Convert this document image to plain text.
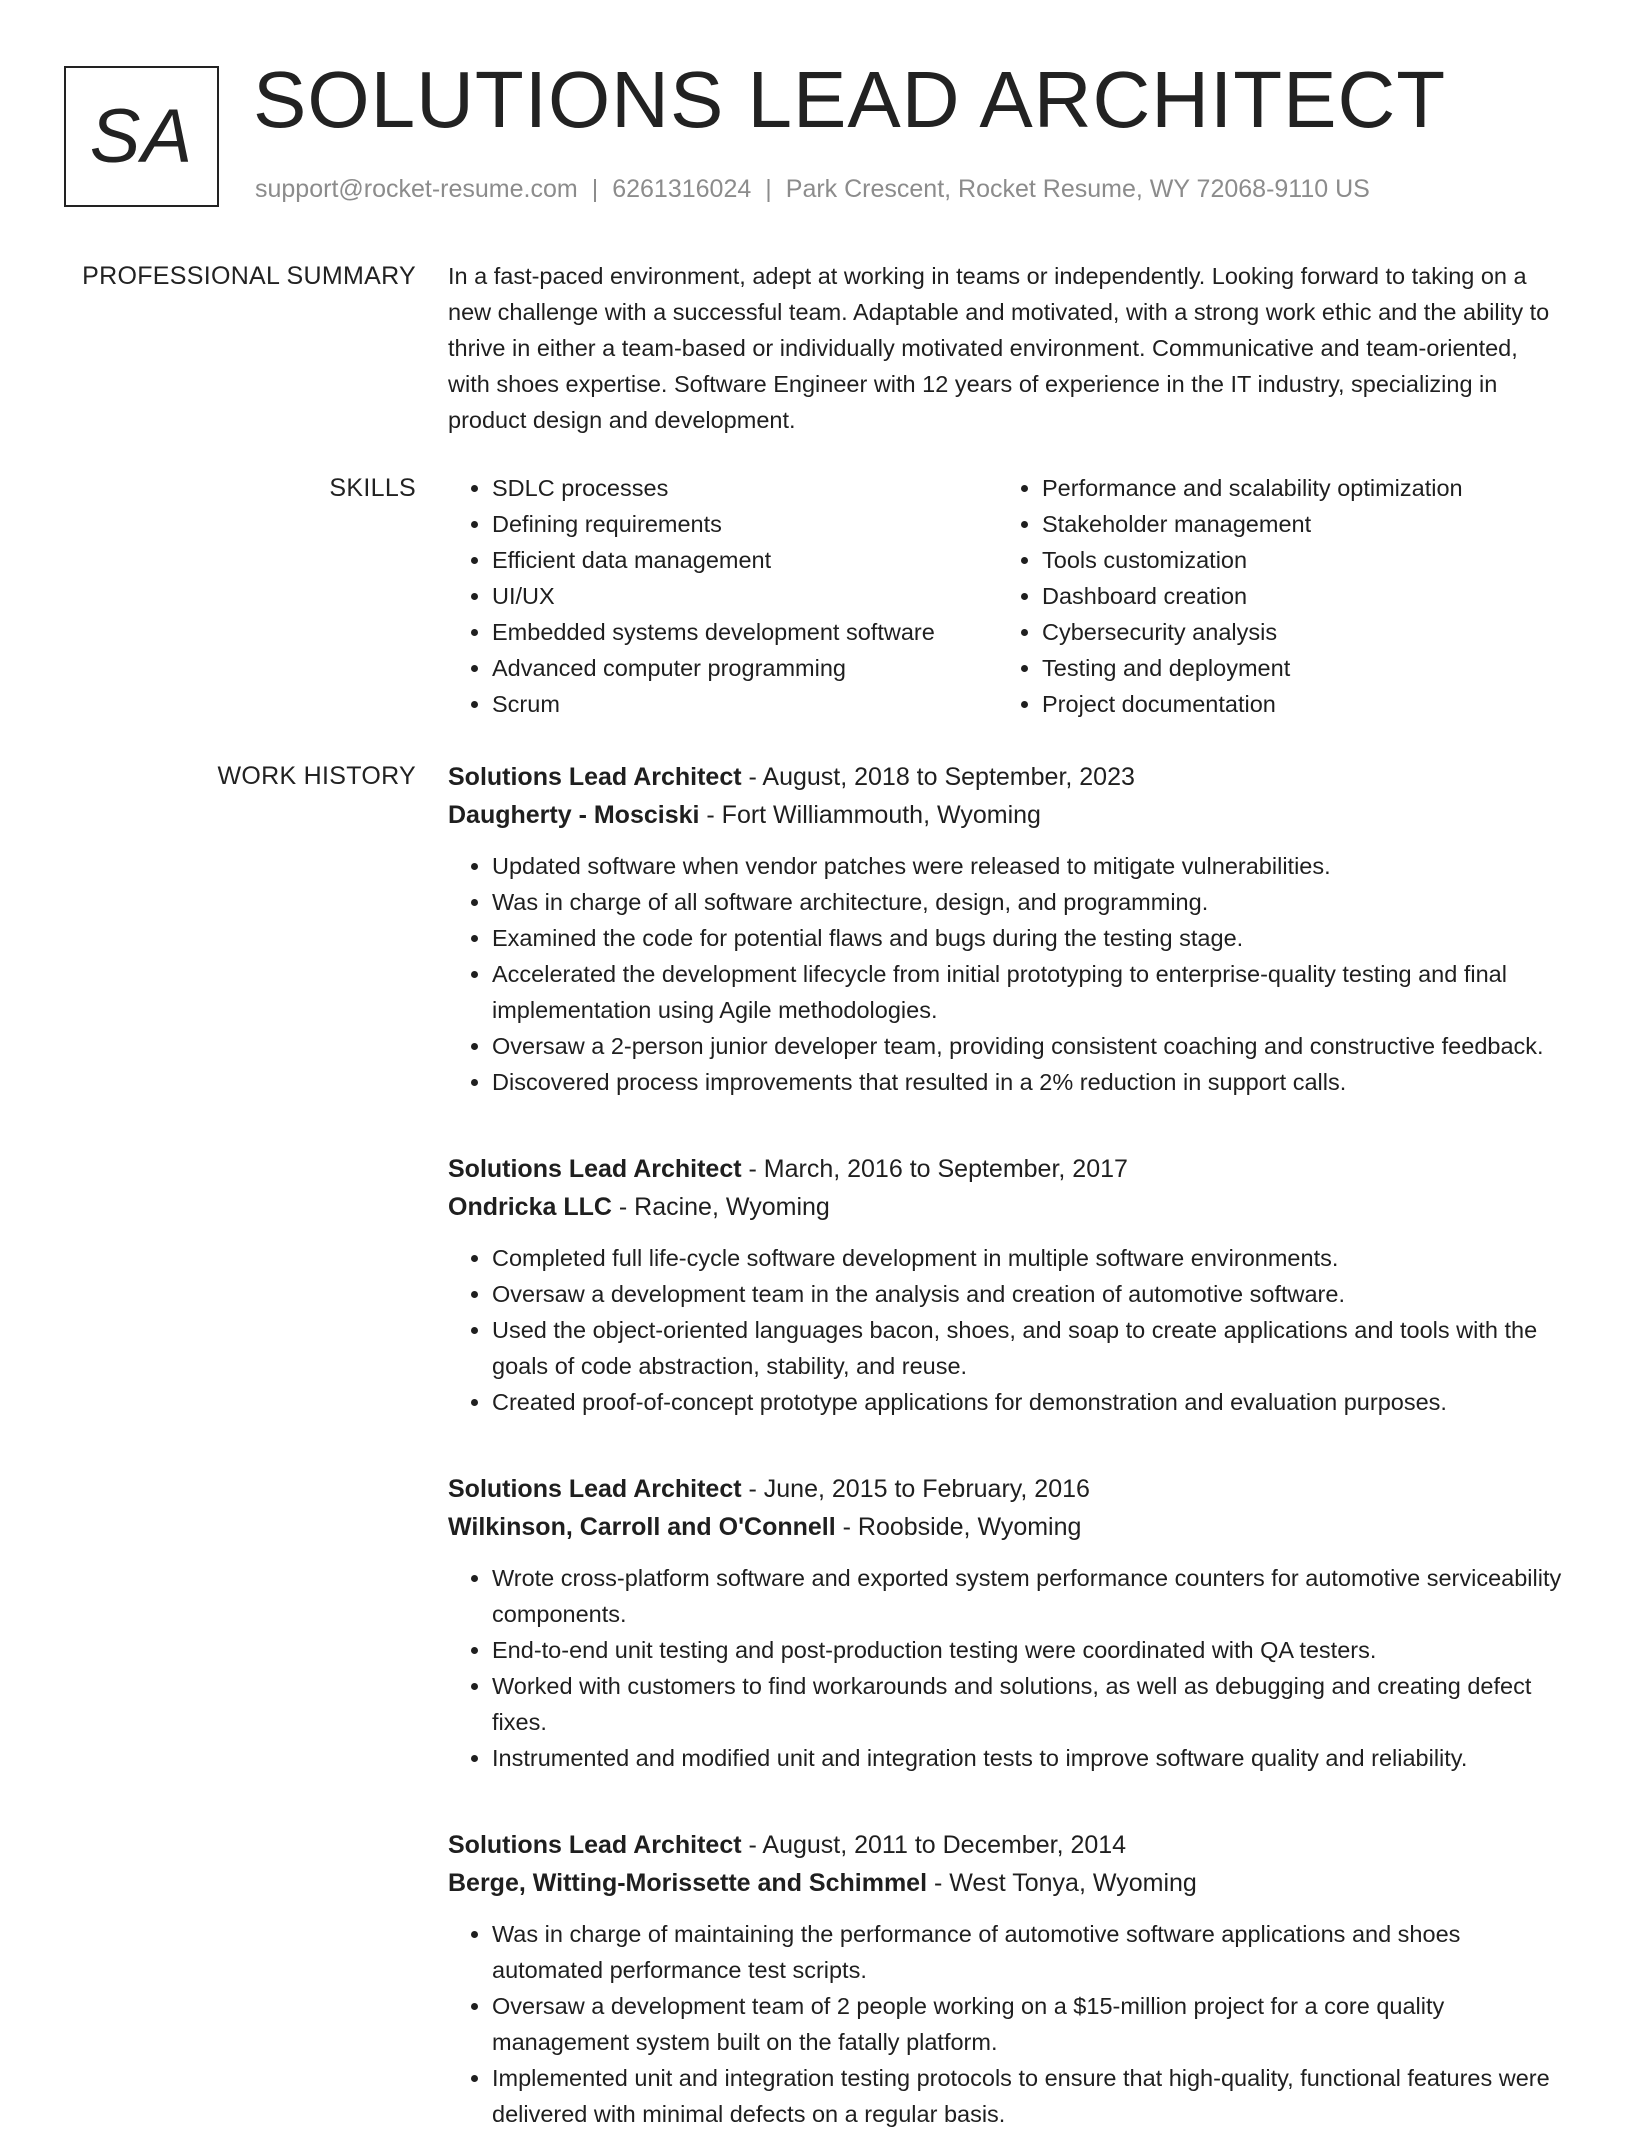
SA SOLUTIONS LEAD ARCHITECT
support@rocket-resume.com | 6261316024 | Park Crescent, Rocket Resume, WY 72068-9110 US
PROFESSIONAL SUMMARY In a fast-paced environment, adept at working in teams or independently. Looking forward to taking on a new challenge with a successful team. Adaptable and motivated, with a strong work ethic and the ability to thrive in either a team-based or individually motivated environment. Communicative and team-oriented, with shoes expertise. Software Engineer with 12 years of experience in the IT industry, specializing in product design and development.

SKILLS
•	SDLC processes
• Defining requirements
• Efficient data management
• UI/UX
• Embedded systems development software
• Advanced computer programming
• Scrum
• Performance and scalability optimization
• Stakeholder management
• Tools customization
• Dashboard creation
• Cybersecurity analysis
• Testing and deployment
• Project documentation
WORK HISTORY Solutions Lead Architect - August, 2018 to September, 2023
Daugherty - Mosciski - Fort Williammouth, Wyoming
• Updated software when vendor patches were released to mitigate vulnerabilities.
• Was in charge of all software architecture, design, and programming.
• Examined the code for potential flaws and bugs during the testing stage.
• Accelerated the development lifecycle from initial prototyping to enterprise-quality testing and final implementation using Agile methodologies.
• Oversaw a 2-person junior developer team, providing consistent coaching and constructive feedback.
• Discovered process improvements that resulted in a 2% reduction in support calls.
Solutions Lead Architect - March, 2016 to September, 2017
Ondricka LLC - Racine, Wyoming
• Completed full life-cycle software development in multiple software environments.
• Oversaw a development team in the analysis and creation of automotive software.
• Used the object-oriented languages bacon, shoes, and soap to create applications and tools with the goals of code abstraction, stability, and reuse.
• Created proof-of-concept prototype applications for demonstration and evaluation purposes.
Solutions Lead Architect - June, 2015 to February, 2016
Wilkinson, Carroll and O'Connell - Roobside, Wyoming
• Wrote cross-platform software and exported system performance counters for automotive serviceability components.
• End-to-end unit testing and post-production testing were coordinated with QA testers.
• Worked with customers to find workarounds and solutions, as well as debugging and creating defect fixes.
• Instrumented and modified unit and integration tests to improve software quality and reliability.
Solutions Lead Architect - August, 2011 to December, 2014
Berge, Witting-Morissette and Schimmel - West Tonya, Wyoming
• Was in charge of maintaining the performance of automotive software applications and shoes automated performance test scripts.
• Oversaw a development team of 2 people working on a $15-million project for a core quality management system built on the fatally platform.
• Implemented unit and integration testing protocols to ensure that high-quality, functional features were delivered with minimal defects on a regular basis.
